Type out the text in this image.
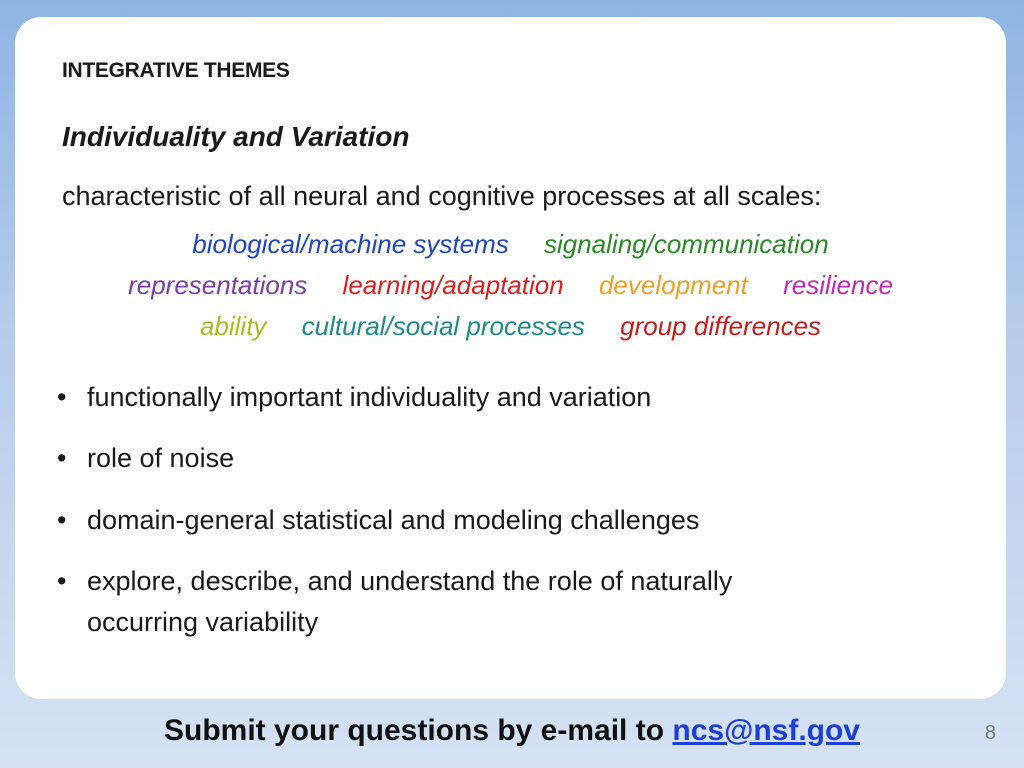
INTEGRATIVE THEMES
Individuality and Variation
characteristic of all neural and cognitive processes at all scales:
biological/machine systems signaling/communication
representations learning/adaptation development resilience
ability cultural/social processes group differences
• functionally important individuality and variation
• role of noise
• domain-general statistical and modeling challenges
• explore, describe, and understand the role of naturally occurring variability
Submit your questions by e-mail to ncs@nsf.gov	8
